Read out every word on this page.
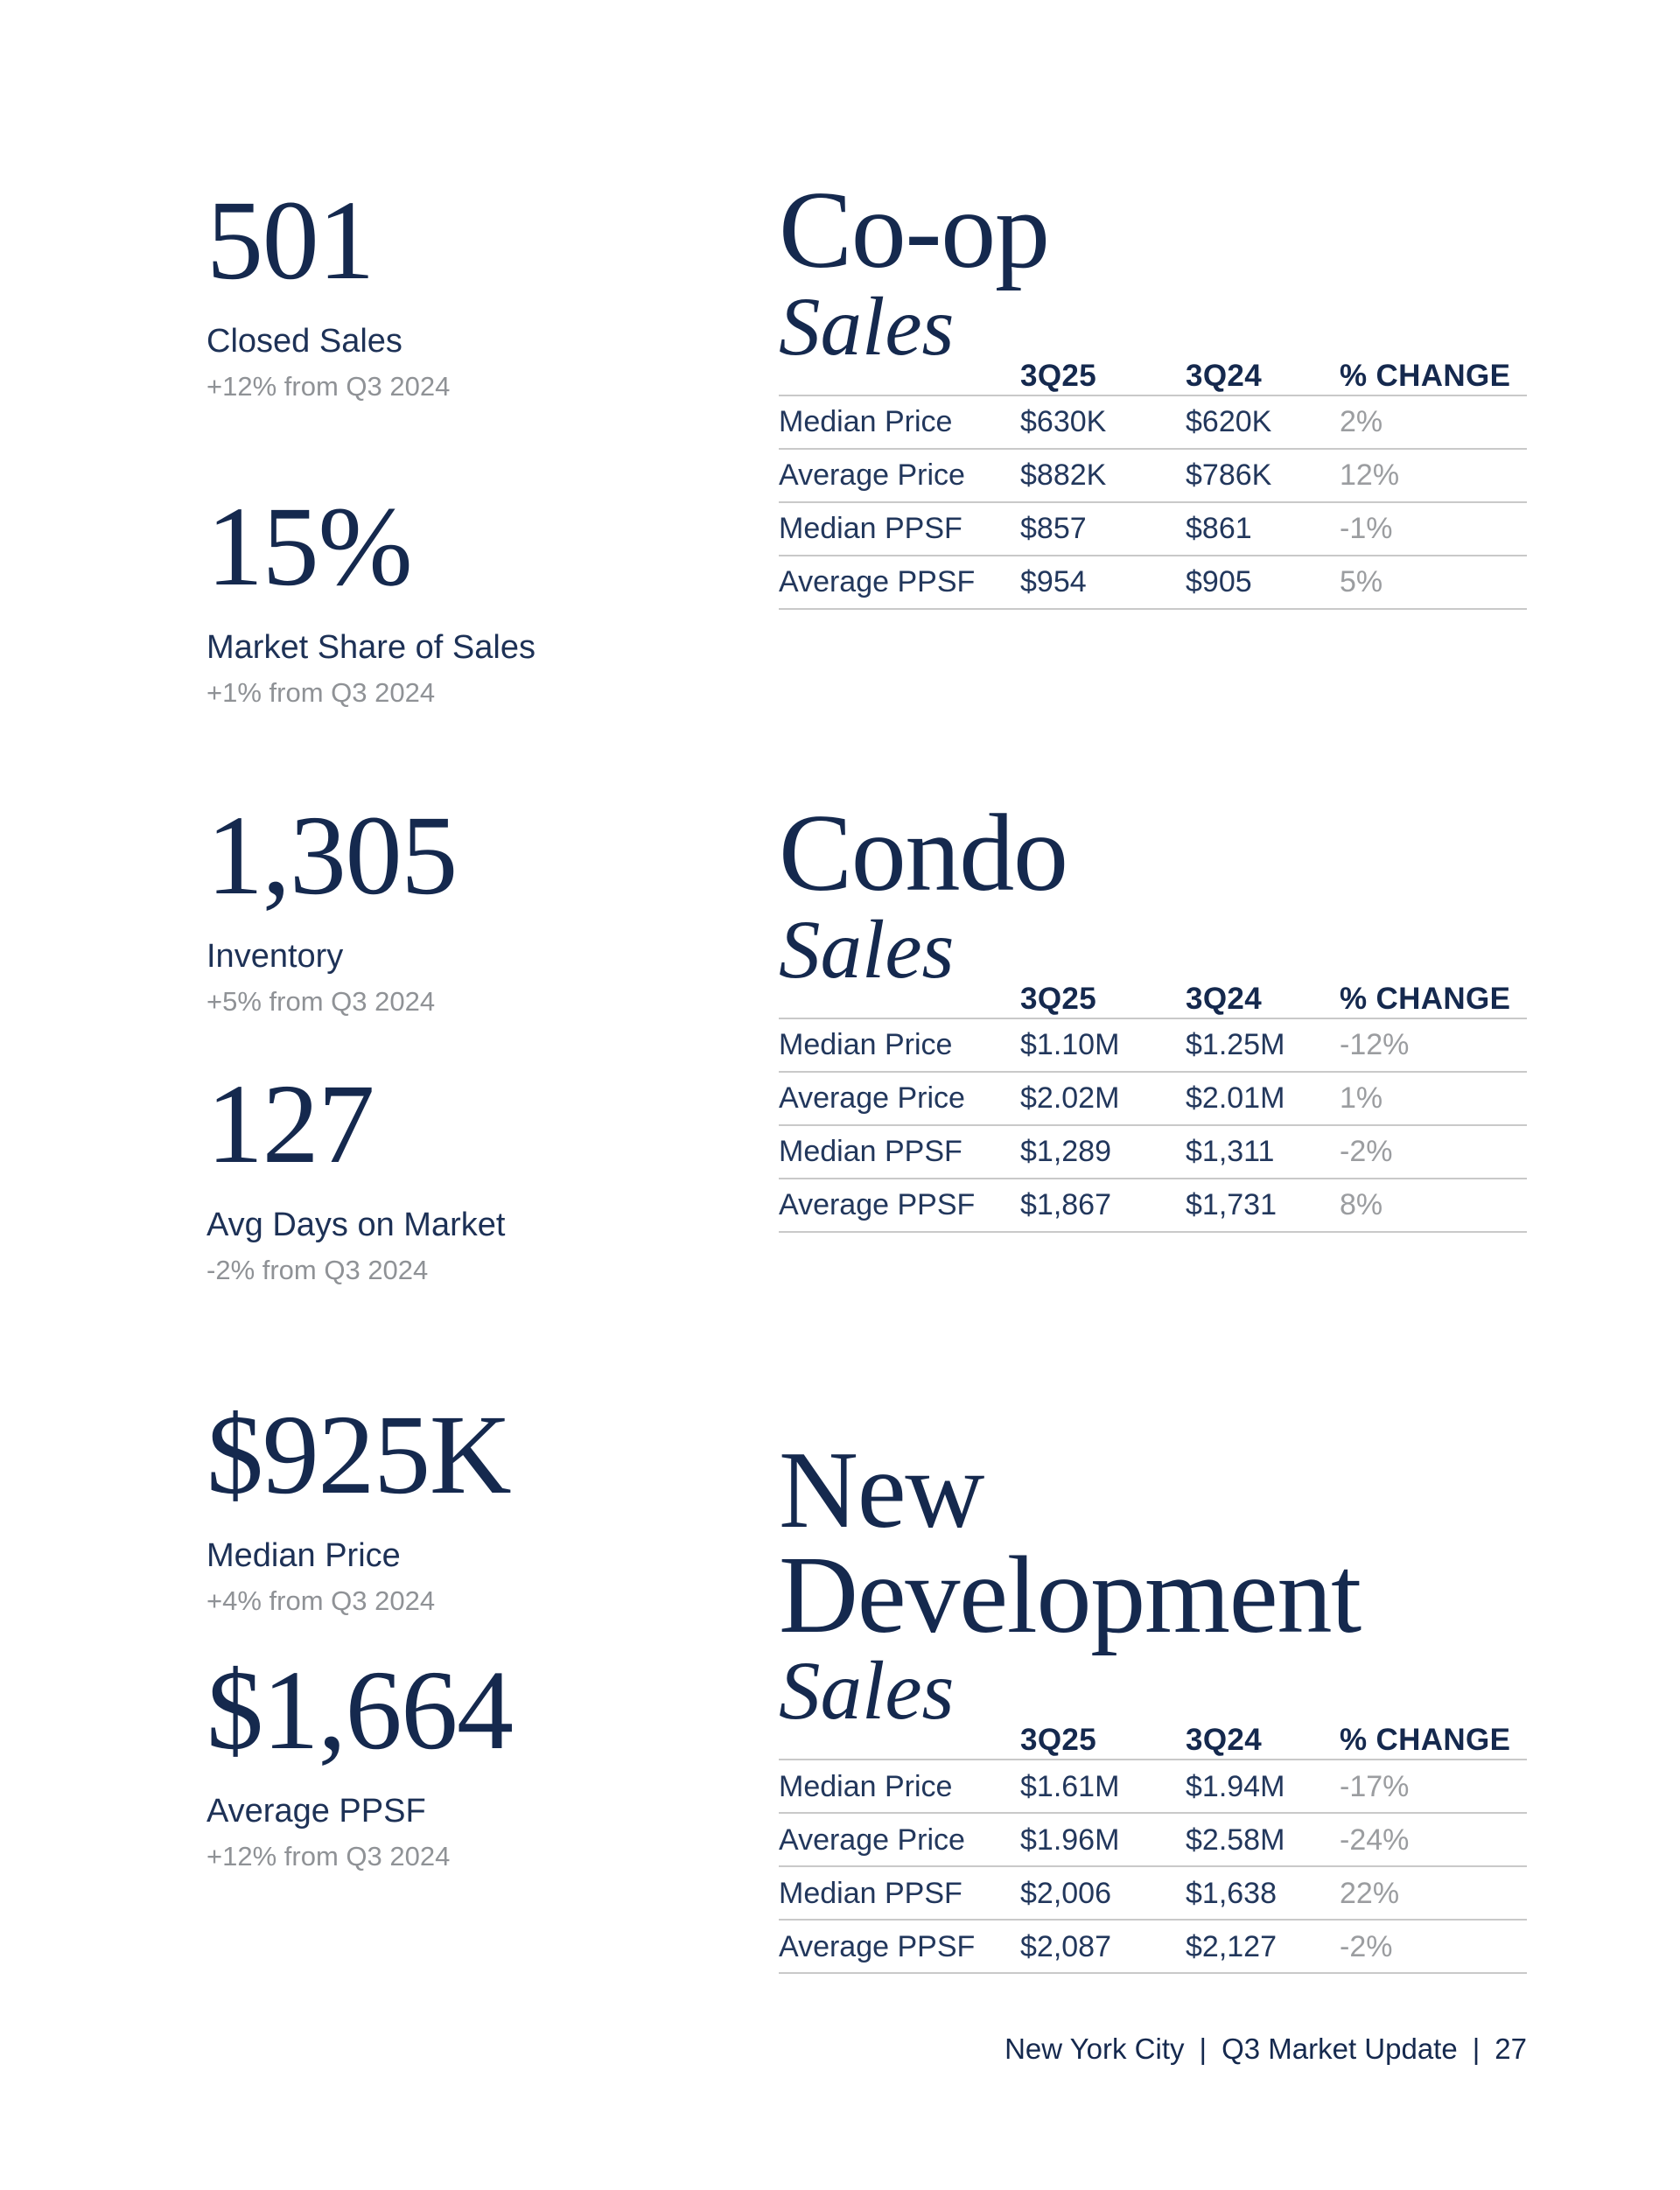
501
Closed Sales
+12% from Q3 2024
15%
Market Share of Sales
+1% from Q3 2024
1,305
Inventory
+5% from Q3 2024
127
Avg Days on Market
-2% from Q3 2024
$925K
Median Price
+4% from Q3 2024
$1,664
Average PPSF
+12% from Q3 2024
Co-op
Sales
3Q25	3Q24	% CHANGE
Median Price	$630K	$620K	2%
Average Price	$882K	$786K	12%
Median PPSF	$857	$861	-1%
Average PPSF	$954	$905	5%
Condo
Sales
3Q25	3Q24	% CHANGE
Median Price	$1.10M	$1.25M	-12%
Average Price	$2.02M	$2.01M	1%
Median PPSF	$1,289	$1,311	-2%
Average PPSF	$1,867	$1,731	8%
New Development
Sales
3Q25	3Q24	% CHANGE
Median Price	$1.61M	$1.94M	-17%
Average Price	$1.96M	$2.58M	-24%
Median PPSF	$2,006	$1,638	22%
Average PPSF	$2,087	$2,127	-2%
New York City | Q3 Market Update | 27
